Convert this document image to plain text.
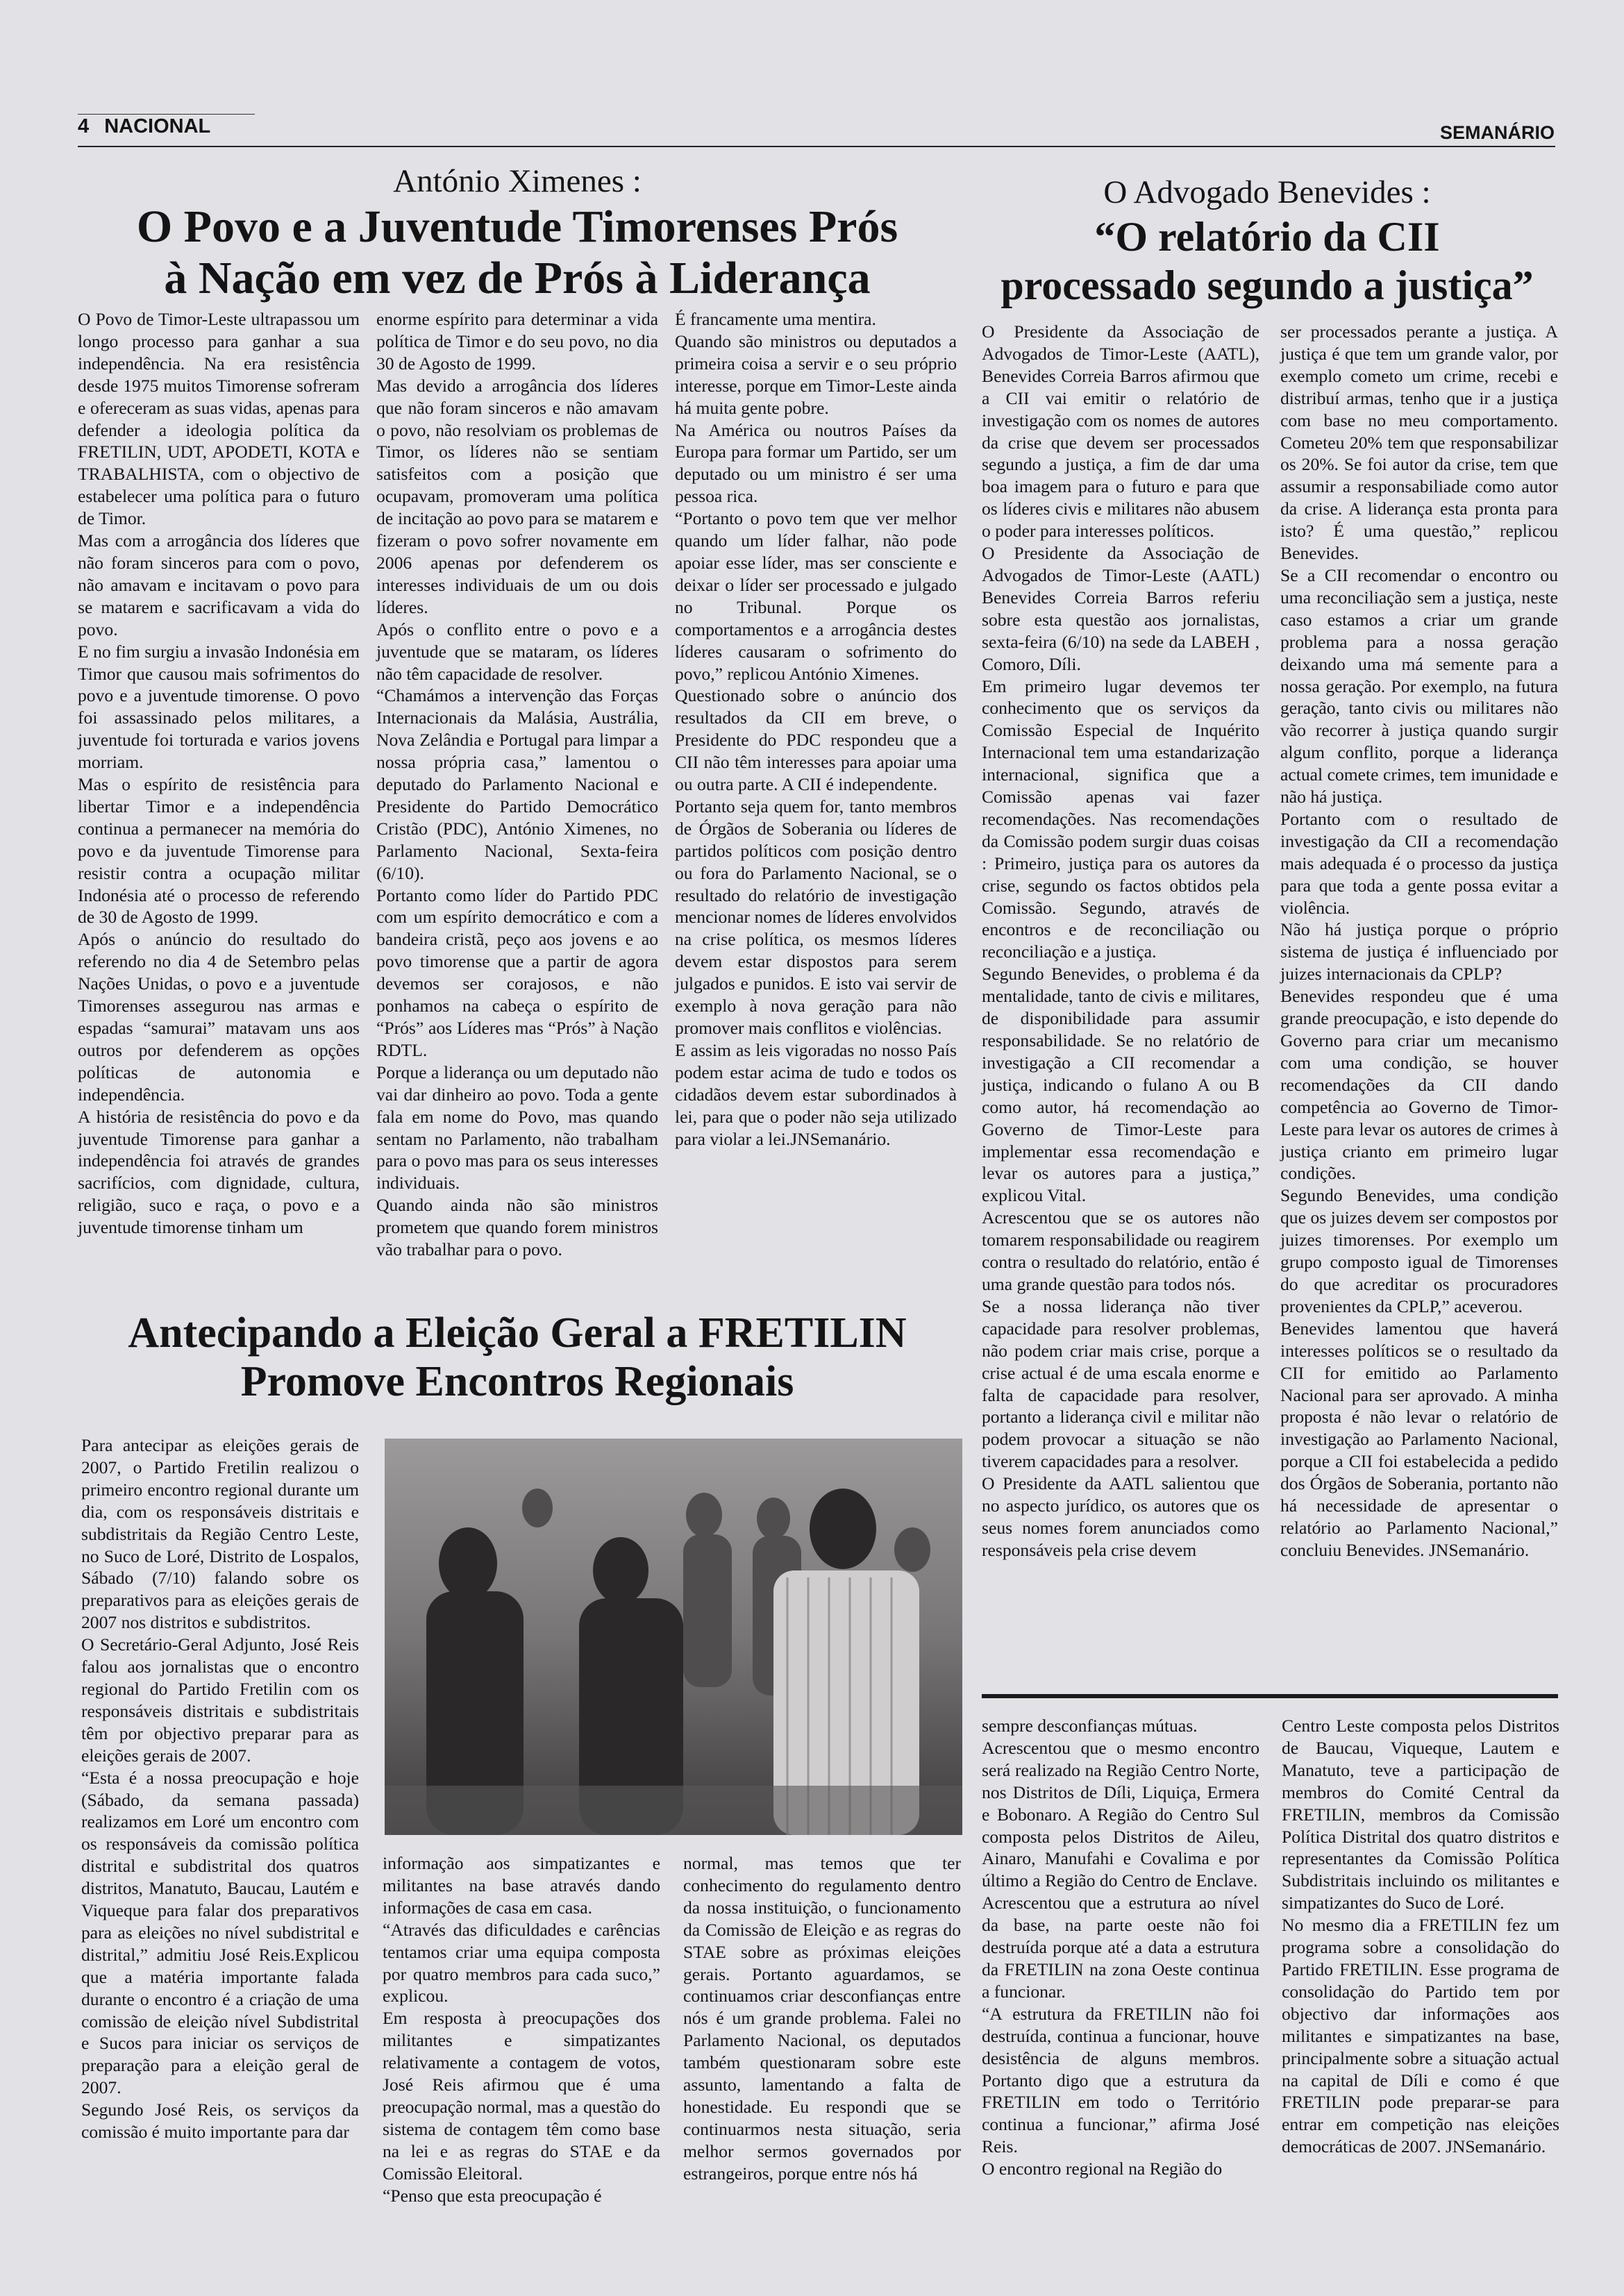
4 NACIONAL	SEMANÁRIO
António Ximenes :
O Povo e a Juventude Timorenses Prós
à Nação em vez de Prós à Liderança

O Povo de Timor-Leste ultrapassou um longo processo para ganhar a sua independência. Na era resistência desde 1975 muitos Timorense sofreram e ofereceram as suas vidas, apenas para defender a ideologia política da FRETILIN, UDT, APODETI, KOTA e TRABALHISTA, com o objectivo de estabelecer uma política para o futuro de Timor.

Mas com a arrogância dos líderes que não foram sinceros para com o povo, não amavam e incitavam o povo para se matarem e sacrificavam a vida do povo.

E no fim surgiu a invasão Indonésia em Timor que causou mais sofrimentos do povo e a juventude timorense. O povo foi assassinado pelos militares, a juventude foi torturada e varios jovens morriam.

Mas o espírito de resistência para libertar Timor e a independência continua a permanecer na memória do povo e da juventude Timorense para resistir contra a ocupação militar Indonésia até o processo de referendo de 30 de Agosto de 1999.

Após o anúncio do resultado do referendo no dia 4 de Setembro pelas Nações Unidas, o povo e a juventude Timorenses assegurou nas armas e espadas “samurai” matavam uns aos outros por defenderem as opções políticas de autonomia e independência.

A história de resistência do povo e da juventude Timorense para ganhar a independência foi através de grandes sacrifícios, com dignidade, cultura, religião, suco e raça, o povo e a juventude timorense tinham um

enorme espírito para determinar a vida política de Timor e do seu povo, no dia 30 de Agosto de 1999.

Mas devido a arrogância dos líderes que não foram sinceros e não amavam o povo, não resolviam os problemas de Timor, os líderes não se sentiam satisfeitos com a posição que ocupavam, promoveram uma política de incitação ao povo para se matarem e fizeram o povo sofrer novamente em 2006 apenas por defenderem os interesses individuais de um ou dois líderes.

Após o conflito entre o povo e a juventude que se mataram, os líderes não têm capacidade de resolver.

“Chamámos a intervenção das Forças Internacionais da Malásia, Austrália, Nova Zelândia e Portugal para limpar a nossa própria casa,” lamentou o deputado do Parlamento Nacional e Presidente do Partido Democrático Cristão (PDC), António Ximenes, no Parlamento Nacional, Sexta-feira (6/10).

Portanto como líder do Partido PDC com um espírito democrático e com a bandeira cristã, peço aos jovens e ao povo timorense que a partir de agora devemos ser corajosos, e não ponhamos na cabeça o espírito de “Prós” aos Líderes mas “Prós” à Nação RDTL.

Porque a liderança ou um deputado não vai dar dinheiro ao povo. Toda a gente fala em nome do Povo, mas quando sentam no Parlamento, não trabalham para o povo mas para os seus interesses individuais.

Quando ainda não são ministros prometem que quando forem ministros vão trabalhar para o povo.

É francamente uma mentira.

Quando são ministros ou deputados a primeira coisa a servir e o seu próprio interesse, porque em Timor-Leste ainda há muita gente pobre.

Na América ou noutros Países da Europa para formar um Partido, ser um deputado ou um ministro é ser uma pessoa rica.

“Portanto o povo tem que ver melhor quando um líder falhar, não pode apoiar esse líder, mas ser consciente e deixar o líder ser processado e julgado no Tribunal. Porque os comportamentos e a arrogância destes líderes causaram o sofrimento do povo,” replicou António Ximenes.

Questionado sobre o anúncio dos resultados da CII em breve, o Presidente do PDC respondeu que a CII não têm interesses para apoiar uma ou outra parte. A CII é independente.

Portanto seja quem for, tanto membros de Órgãos de Soberania ou líderes de partidos políticos com posição dentro ou fora do Parlamento Nacional, se o resultado do relatório de investigação mencionar nomes de líderes envolvidos na crise política, os mesmos líderes devem estar dispostos para serem julgados e punidos. E isto vai servir de exemplo à nova geração para não promover mais conflitos e violências.

E assim as leis vigoradas no nosso País podem estar acima de tudo e todos os cidadãos devem estar subordinados à lei, para que o poder não seja utilizado para violar a lei.JNSemanário.

O Advogado Benevides :
“O relatório da CII
processado segundo a justiça”

O Presidente da Associação de Advogados de Timor-Leste (AATL), Benevides Correia Barros afirmou que a CII vai emitir o relatório de investigação com os nomes de autores da crise que devem ser processados segundo a justiça, a fim de dar uma boa imagem para o futuro e para que os líderes civis e militares não abusem o poder para interesses políticos.

O Presidente da Associação de Advogados de Timor-Leste (AATL) Benevides Correia Barros referiu sobre esta questão aos jornalistas, sexta-feira (6/10) na sede da LABEH , Comoro, Díli.

Em primeiro lugar devemos ter conhecimento que os serviços da Comissão Especial de Inquérito Internacional tem uma estandarização internacional, significa que a Comissão apenas vai fazer recomendações. Nas recomendações da Comissão podem surgir duas coisas : Primeiro, justiça para os autores da crise, segundo os factos obtidos pela Comissão. Segundo, através de encontros e de reconciliação ou reconciliação e a justiça.

Segundo Benevides, o problema é da mentalidade, tanto de civis e militares, de disponibilidade para assumir responsabilidade. Se no relatório de investigação a CII recomendar a justiça, indicando o fulano A ou B como autor, há recomendação ao Governo de Timor-Leste para implementar essa recomendação e levar os autores para a justiça,” explicou Vital.

Acrescentou que se os autores não tomarem responsabilidade ou reagirem contra o resultado do relatório, então é uma grande questão para todos nós.

Se a nossa liderança não tiver capacidade para resolver problemas, não podem criar mais crise, porque a crise actual é de uma escala enorme e falta de capacidade para resolver, portanto a liderança civil e militar não podem provocar a situação se não tiverem capacidades para a resolver.

O Presidente da AATL salientou que no aspecto jurídico, os autores que os seus nomes forem anunciados como responsáveis pela crise devem

ser processados perante a justiça. A justiça é que tem um grande valor, por exemplo cometo um crime, recebi e distribuí armas, tenho que ir a justiça com base no meu comportamento. Cometeu 20% tem que responsabilizar os 20%. Se foi autor da crise, tem que assumir a responsabiliade como autor da crise. A liderança esta pronta para isto? É uma questão,” replicou Benevides.

Se a CII recomendar o encontro ou uma reconciliação sem a justiça, neste caso estamos a criar um grande problema para a nossa geração deixando uma má semente para a nossa geração. Por exemplo, na futura geração, tanto civis ou militares não vão recorrer à justiça quando surgir algum conflito, porque a liderança actual comete crimes, tem imunidade e não há justiça.

Portanto com o resultado de investigação da CII a recomendação mais adequada é o processo da justiça para que toda a gente possa evitar a violência.

Não há justiça porque o próprio sistema de justiça é influenciado por juizes internacionais da CPLP?

Benevides respondeu que é uma grande preocupação, e isto depende do Governo para criar um mecanismo com uma condição, se houver recomendações da CII dando competência ao Governo de Timor-Leste para levar os autores de crimes à justiça crianto em primeiro lugar condições.

Segundo Benevides, uma condição que os juizes devem ser compostos por juizes timorenses. Por exemplo um grupo composto igual de Timorenses do que acreditar os procuradores provenientes da CPLP,” aceverou.

Benevides lamentou que haverá interesses políticos se o resultado da CII for emitido ao Parlamento Nacional para ser aprovado. A minha proposta é não levar o relatório de investigação ao Parlamento Nacional, porque a CII foi estabelecida a pedido dos Órgãos de Soberania, portanto não há necessidade de apresentar o relatório ao Parlamento Nacional,” concluiu Benevides. JNSemanário.

Antecipando a Eleição Geral a FRETILIN
Promove Encontros Regionais

Para antecipar as eleições gerais de 2007, o Partido Fretilin realizou o primeiro encontro regional durante um dia, com os responsáveis distritais e subdistritais da Região Centro Leste, no Suco de Loré, Distrito de Lospalos, Sábado (7/10) falando sobre os preparativos para as eleições gerais de 2007 nos distritos e subdistritos.

O Secretário-Geral Adjunto, José Reis falou aos jornalistas que o encontro regional do Partido Fretilin com os responsáveis distritais e subdistritais têm por objectivo preparar para as eleições gerais de 2007.

“Esta é a nossa preocupação e hoje (Sábado, da semana passada) realizamos em Loré um encontro com os responsáveis da comissão política distrital e subdistrital dos quatros distritos, Manatuto, Baucau, Lautém e Viqueque para falar dos preparativos para as eleições no nível subdistrital e distrital,” admitiu José Reis.Explicou que a matéria importante falada durante o encontro é a criação de uma comissão de eleição nível Subdistrital e Sucos para iniciar os serviços de preparação para a eleição geral de 2007.

Segundo José Reis, os serviços da comissão é muito importante para dar

informação aos simpatizantes e militantes na base através dando informações de casa em casa.

“Através das dificuldades e carências tentamos criar uma equipa composta por quatro membros para cada suco,” explicou.

Em resposta à preocupações dos militantes e simpatizantes relativamente a contagem de votos, José Reis afirmou que é uma preocupação normal, mas a questão do sistema de contagem têm como base na lei e as regras do STAE e da Comissão Eleitoral.

“Penso que esta preocupação é

normal, mas temos que ter conhecimento do regulamento dentro da nossa instituição, o funcionamento da Comissão de Eleição e as regras do STAE sobre as próximas eleições gerais. Portanto aguardamos, se continuamos criar desconfianças entre nós é um grande problema. Falei no Parlamento Nacional, os deputados também questionaram sobre este assunto, lamentando a falta de honestidade. Eu respondi que se continuarmos nesta situação, seria melhor sermos governados por estrangeiros, porque entre nós há

sempre desconfianças mútuas.

Acrescentou que o mesmo encontro será realizado na Região Centro Norte, nos Distritos de Díli, Liquiça, Ermera e Bobonaro. A Região do Centro Sul composta pelos Distritos de Aileu, Ainaro, Manufahi e Covalima e por último a Região do Centro de Enclave.

Acrescentou que a estrutura ao nível da base, na parte oeste não foi destruída porque até a data a estrutura da FRETILIN na zona Oeste continua a funcionar.

“A estrutura da FRETILIN não foi destruída, continua a funcionar, houve desistência de alguns membros. Portanto digo que a estrutura da FRETILIN em todo o Território continua a funcionar,” afirma José Reis.

O encontro regional na Região do

Centro Leste composta pelos Distritos de Baucau, Viqueque, Lautem e Manatuto, teve a participação de membros do Comité Central da FRETILIN, membros da Comissão Política Distrital dos quatro distritos e representantes da Comissão Política Subdistritais incluindo os militantes e simpatizantes do Suco de Loré.

No mesmo dia a FRETILIN fez um programa sobre a consolidação do Partido FRETILIN. Esse programa de consolidação do Partido tem por objectivo dar informações aos militantes e simpatizantes na base, principalmente sobre a situação actual na capital de Díli e como é que FRETILIN pode preparar-se para entrar em competição nas eleições democráticas de 2007. JNSemanário.
